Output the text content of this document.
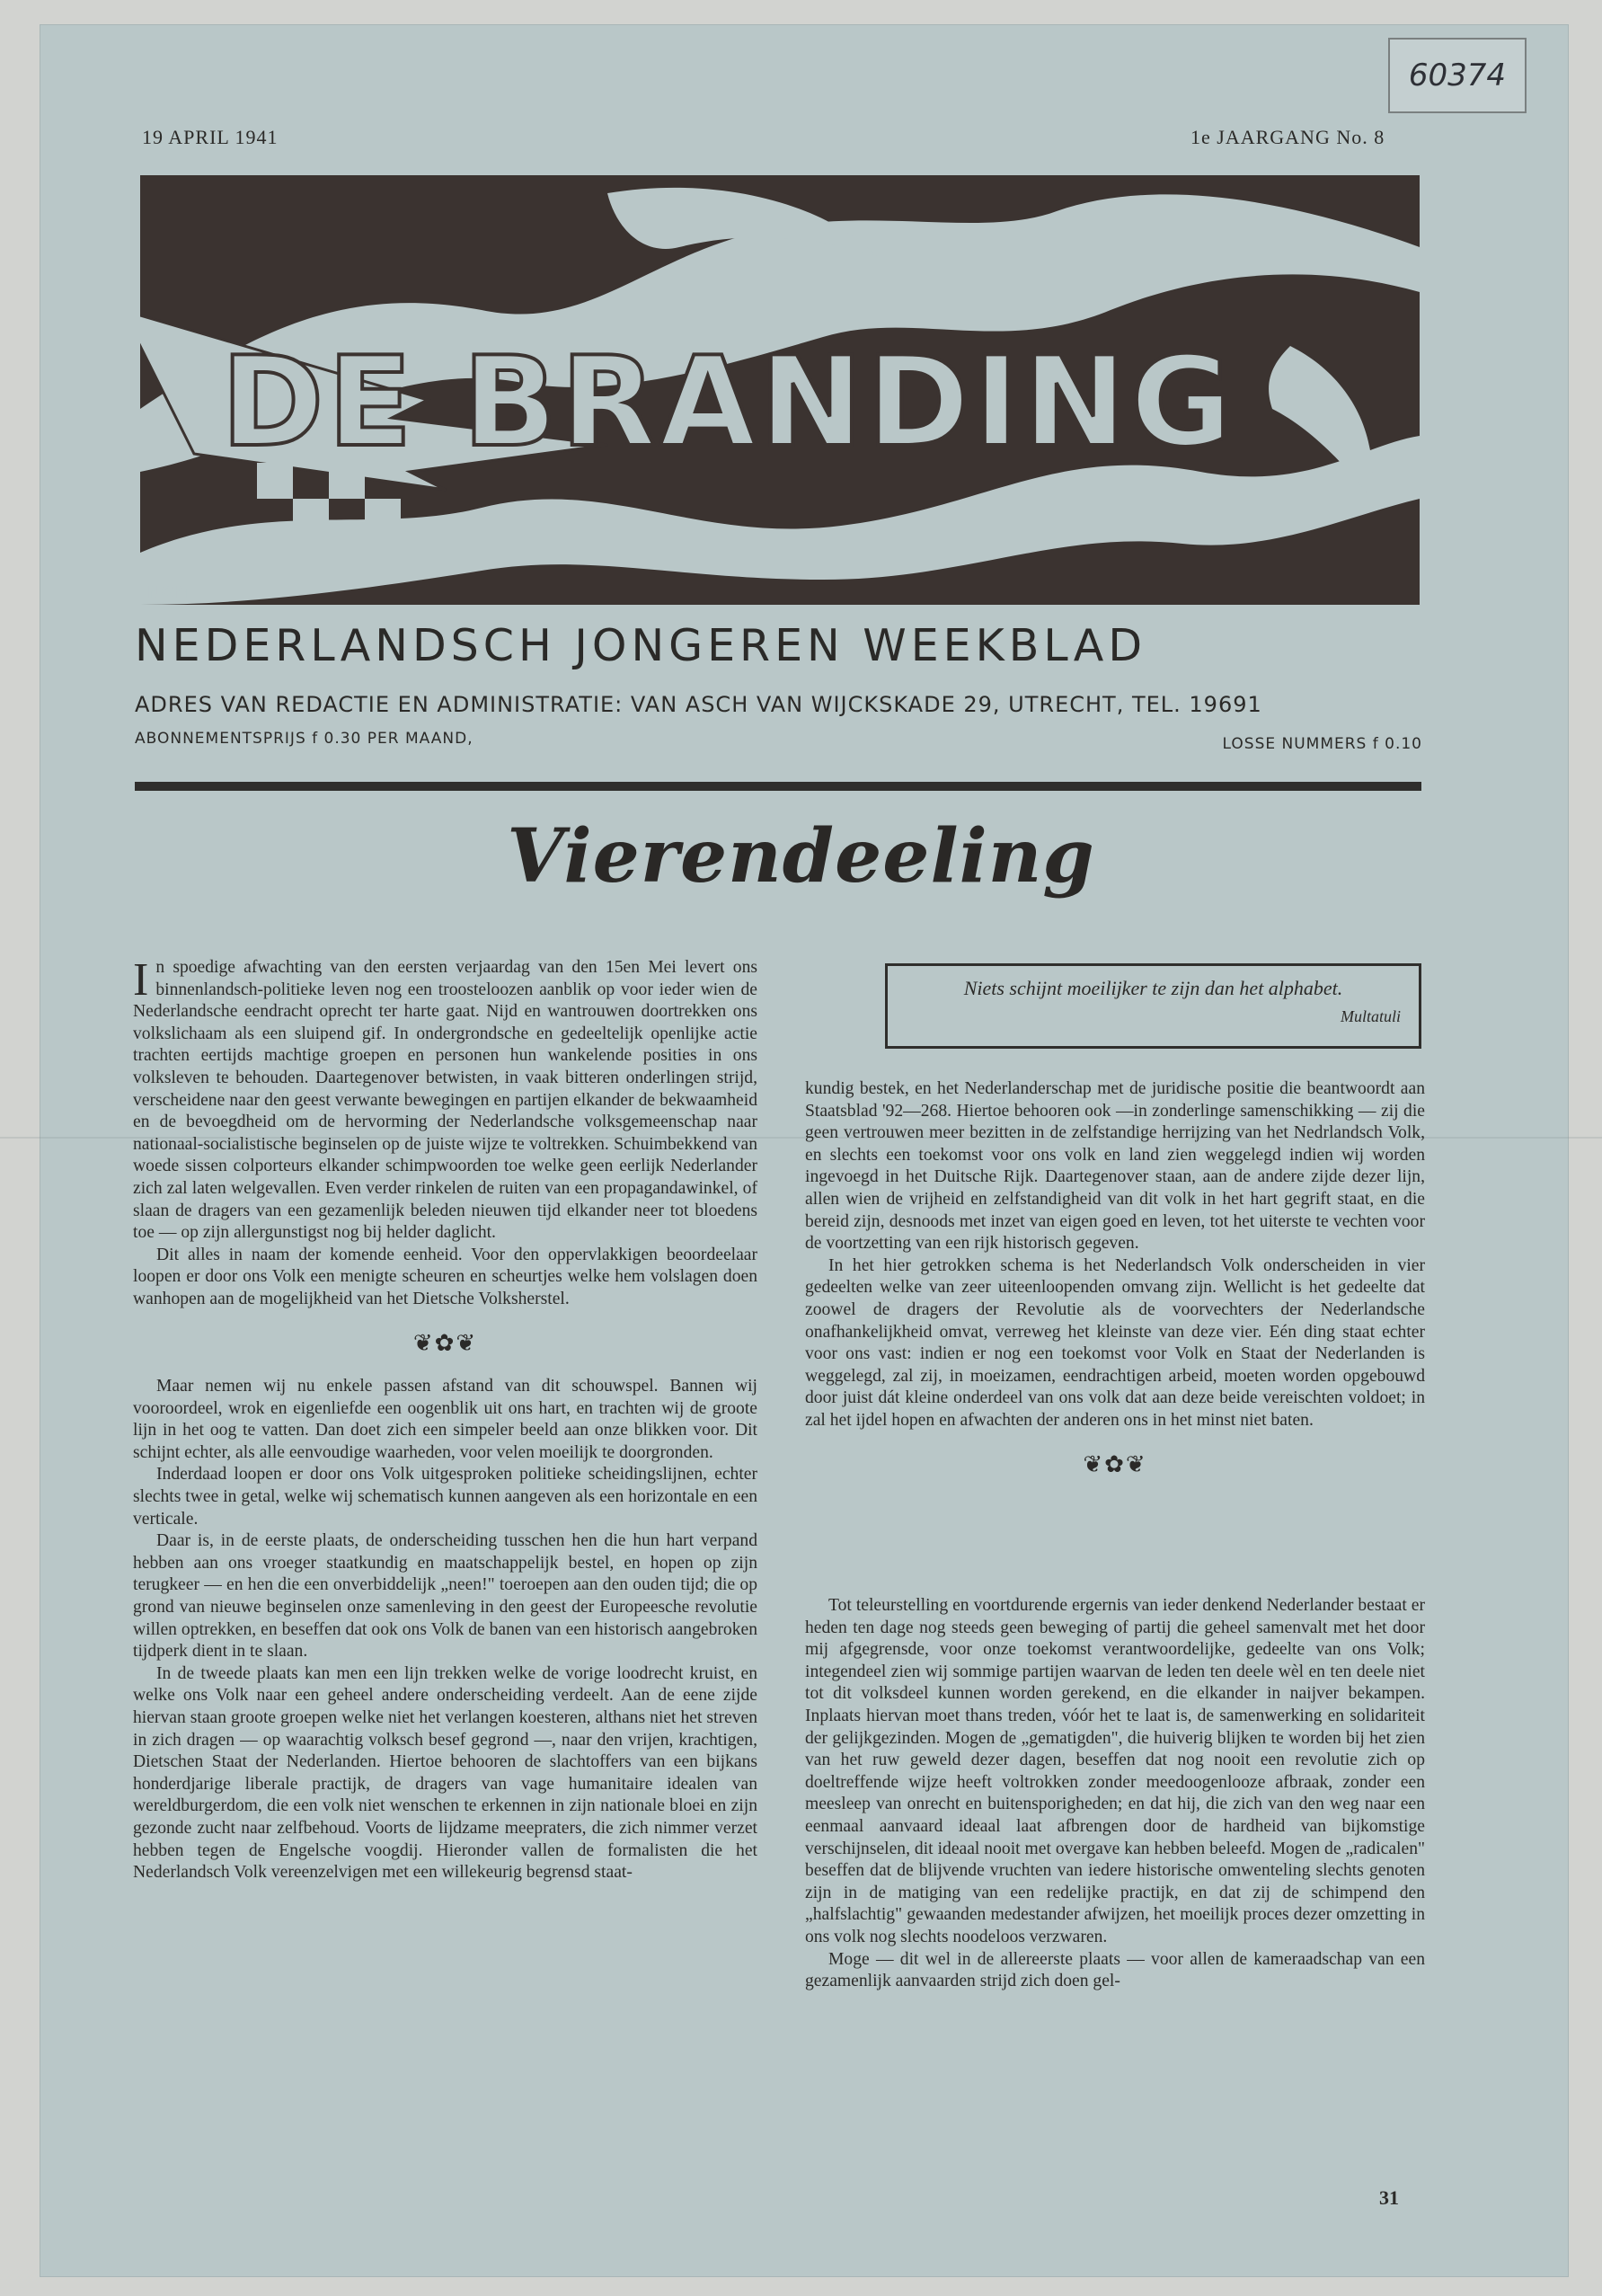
60374
19 APRIL 1941	1e JAARGANG No. 8
DE BRANDING
NOM
NEDERLANDSCH JONGEREN WEEKBLAD
ADRES VAN REDACTIE EN ADMINISTRATIE: VAN ASCH VAN WIJCKSKADE 29, UTRECHT, TEL. 19691
ABONNEMENTSPRIJS f 0.30 PER MAAND,	LOSSE NUMMERS f 0.10
Vierendeeling

In spoedige afwachting van den eersten verjaardag van den 15en Mei levert ons binnenlandsch-politieke leven nog een troosteloozen aanblik op voor ieder wien de Nederlandsche eendracht oprecht ter harte gaat. Nijd en wantrouwen doortrekken ons volkslichaam als een sluipend gif. In ondergrondsche en gedeeltelijk openlijke actie trachten eertijds machtige groepen en personen hun wankelende posities in ons volksleven te behouden. Daartegenover betwisten, in vaak bitteren onderlingen strijd, verscheidene naar den geest verwante bewegingen en partijen elkander de bekwaamheid en de bevoegdheid om de hervorming der Nederlandsche volksgemeenschap naar nationaal-socialistische beginselen op de juiste wijze te voltrekken. Schuimbekkend van woede sissen colporteurs elkander schimpwoorden toe welke geen eerlijk Nederlander zich zal laten welgevallen. Even verder rinkelen de ruiten van een propagandawinkel, of slaan de dragers van een gezamenlijk beleden nieuwen tijd elkander neer tot bloedens toe — op zijn allergunstigst nog bij helder daglicht.

Dit alles in naam der komende eenheid. Voor den oppervlakkigen beoordeelaar loopen er door ons Volk een menigte scheuren en scheurtjes welke hem volslagen doen wanhopen aan de mogelijkheid van het Dietsche Volksherstel.

❦✿❦

Maar nemen wij nu enkele passen afstand van dit schouwspel. Bannen wij vooroordeel, wrok en eigenliefde een oogenblik uit ons hart, en trachten wij de groote lijn in het oog te vatten. Dan doet zich een simpeler beeld aan onze blikken voor. Dit schijnt echter, als alle eenvoudige waarheden, voor velen moeilijk te doorgronden.

Inderdaad loopen er door ons Volk uitgesproken politieke scheidingslijnen, echter slechts twee in getal, welke wij schematisch kunnen aangeven als een horizontale en een verticale.

Daar is, in de eerste plaats, de onderscheiding tusschen hen die hun hart verpand hebben aan ons vroeger staatkundig en maatschappelijk bestel, en hopen op zijn terugkeer — en hen die een onverbiddelijk „neen!" toeroepen aan den ouden tijd; die op grond van nieuwe beginselen onze samenleving in den geest der Europeesche revolutie willen optrekken, en beseffen dat ook ons Volk de banen van een historisch aangebroken tijdperk dient in te slaan.

In de tweede plaats kan men een lijn trekken welke de vorige loodrecht kruist, en welke ons Volk naar een geheel andere onderscheiding verdeelt. Aan de eene zijde hiervan staan groote groepen welke niet het verlangen koesteren, althans niet het streven in zich dragen — op waarachtig volksch besef gegrond —, naar den vrijen, krachtigen, Dietschen Staat der Nederlanden. Hiertoe behooren de slachtoffers van een bijkans honderdjarige liberale practijk, de dragers van vage humanitaire idealen van wereldburgerdom, die een volk niet wenschen te erkennen in zijn nationale bloei en zijn gezonde zucht naar zelfbehoud. Voorts de lijdzame meepraters, die zich nimmer verzet hebben tegen de Engelsche voogdij. Hieronder vallen de formalisten die het Nederlandsch Volk vereenzelvigen met een willekeurig begrensd staat-

Niets schijnt moeilijker te zijn dan het alphabet.
Multatuli

kundig bestek, en het Nederlanderschap met de juridische positie die beantwoordt aan Staatsblad '92—268. Hiertoe behooren ook —in zonderlinge samenschikking — zij die geen vertrouwen meer bezitten in de zelfstandige herrijzing van het Nedrlandsch Volk, en slechts een toekomst voor ons volk en land zien weggelegd indien wij worden ingevoegd in het Duitsche Rijk. Daartegenover staan, aan de andere zijde dezer lijn, allen wien de vrijheid en zelfstandigheid van dit volk in het hart gegrift staat, en die bereid zijn, desnoods met inzet van eigen goed en leven, tot het uiterste te vechten voor de voortzetting van een rijk historisch gegeven.

In het hier getrokken schema is het Nederlandsch Volk onderscheiden in vier gedeelten welke van zeer uiteenloopenden omvang zijn. Wellicht is het gedeelte dat zoowel de dragers der Revolutie als de voorvechters der Nederlandsche onafhankelijkheid omvat, verreweg het kleinste van deze vier. Eén ding staat echter voor ons vast: indien er nog een toekomst voor Volk en Staat der Nederlanden is weggelegd, zal zij, in moeizamen, eendrachtigen arbeid, moeten worden opgebouwd door juist dát kleine onderdeel van ons volk dat aan deze beide vereischten voldoet; in zal het ijdel hopen en afwachten der anderen ons in het minst niet baten.

❦✿❦

Tot teleurstelling en voortdurende ergernis van ieder denkend Nederlander bestaat er heden ten dage nog steeds geen beweging of partij die geheel samenvalt met het door mij afgegrensde, voor onze toekomst verantwoordelijke, gedeelte van ons Volk; integendeel zien wij sommige partijen waarvan de leden ten deele wèl en ten deele niet tot dit volksdeel kunnen worden gerekend, en die elkander in naijver bekampen. Inplaats hiervan moet thans treden, vóór het te laat is, de samenwerking en solidariteit der gelijkgezinden. Mogen de „gematigden", die huiverig blijken te worden bij het zien van het ruw geweld dezer dagen, beseffen dat nog nooit een revolutie zich op doeltreffende wijze heeft voltrokken zonder meedoogenlooze afbraak, zonder een meesleep van onrecht en buitensporigheden; en dat hij, die zich van den weg naar een eenmaal aanvaard ideaal laat afbrengen door de hardheid van bijkomstige verschijnselen, dit ideaal nooit met overgave kan hebben beleefd. Mogen de „radicalen" beseffen dat de blijvende vruchten van iedere historische omwenteling slechts genoten zijn in de matiging van een redelijke practijk, en dat zij de schimpend den „halfslachtig" gewaanden medestander afwijzen, het moeilijk proces dezer omzetting in ons volk nog slechts noodeloos verzwaren.

Moge — dit wel in de allereerste plaats — voor allen de kameraadschap van een gezamenlijk aanvaarden strijd zich doen gel-

31
